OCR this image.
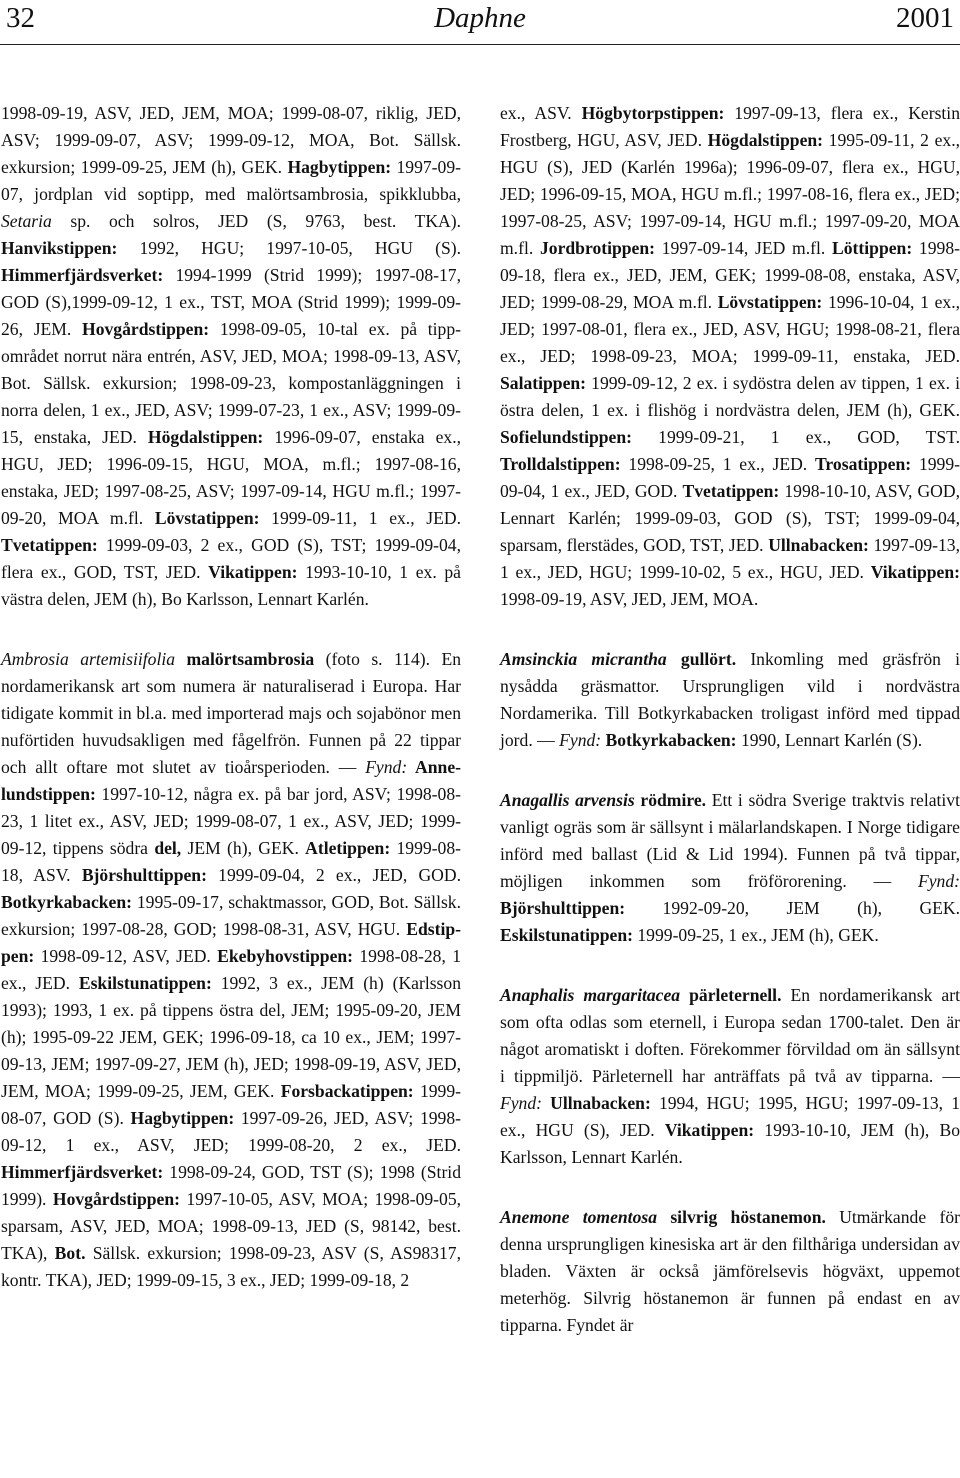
32	Daphne	2001

1998-09-19, ASV, JED, JEM, MOA; 1999-08-07, riklig, JED, ASV; 1999-09-07, ASV; 1999-09-12, MOA, Bot. Sällsk. exkursion; 1999-09-25, JEM (h), GEK. Hagbytippen: 1997-09-07, jordplan vid soptipp, med malörtsambrosia, spikklubba, Setaria sp. och solros, JED (S, 9763, best. TKA). Hanvikstippen: 1992, HGU; 1997-10-05, HGU (S). Himmerfjärdsverket: 1994-1999 (Strid 1999); 1997-08-17, GOD (S),1999-09-12, 1 ex., TST, MOA (Strid 1999); 1999-09-26, JEM. Hovgårdstippen: 1998-09-05, 10-tal ex. på tippområdet norrut nära entrén, ASV, JED, MOA; 1998-09-13, ASV, Bot. Sällsk. exkursion; 1998-09-23, kompostanläggningen i norra delen, 1 ex., JED, ASV; 1999-07-23, 1 ex., ASV; 1999-09-15, enstaka, JED. Högdalstippen: 1996-09-07, enstaka ex., HGU, JED; 1996-09-15, HGU, MOA, m.fl.; 1997-08-16, enstaka, JED; 1997-08-25, ASV; 1997-09-14, HGU m.fl.; 1997-09-20, MOA m.fl. Lövstatippen: 1999-09-11, 1 ex., JED. Tvetatippen: 1999-09-03, 2 ex., GOD (S), TST; 1999-09-04, flera ex., GOD, TST, JED. Vikatippen: 1993-10-10, 1 ex. på västra delen, JEM (h), Bo Karlsson, Lennart Karlén.

Ambrosia artemisiifolia malörtsambrosia (foto s. 114). En nordamerikansk art som numera är naturaliserad i Europa. Har tidigate kommit in bl.a. med importerad majs och sojabönor men nuförtiden huvudsakligen med fågelfrön. Funnen på 22 tippar och allt oftare mot slutet av tioårsperioden. — Fynd: Annelundstippen: 1997-10-12, några ex. på bar jord, ASV; 1998-08-23, 1 litet ex., ASV, JED; 1999-08-07, 1 ex., ASV, JED; 1999-09-12, tippens södra del, JEM (h), GEK. Atletippen: 1999-08-18, ASV. Björshulttippen: 1999-09-04, 2 ex., JED, GOD. Botkyrkabacken: 1995-09-17, schaktmassor, GOD, Bot. Sällsk. exkursion; 1997-08-28, GOD; 1998-08-31, ASV, HGU. Edstippen: 1998-09-12, ASV, JED. Ekebyhovstippen: 1998-08-28, 1 ex., JED. Eskilstunatippen: 1992, 3 ex., JEM (h) (Karlsson 1993); 1993, 1 ex. på tippens östra del, JEM; 1995-09-20, JEM (h); 1995-09-22 JEM, GEK; 1996-09-18, ca 10 ex., JEM; 1997-09-13, JEM; 1997-09-27, JEM (h), JED; 1998-09-19, ASV, JED, JEM, MOA; 1999-09-25, JEM, GEK. Forsbackatippen: 1999-08-07, GOD (S). Hagbytippen: 1997-09-26, JED, ASV; 1998-09-12, 1 ex., ASV, JED; 1999-08-20, 2 ex., JED. Himmerfjärdsverket: 1998-09-24, GOD, TST (S); 1998 (Strid 1999). Hovgårdstippen: 1997-10-05, ASV, MOA; 1998-09-05, sparsam, ASV, JED, MOA; 1998-09-13, JED (S, 98142, best. TKA), Bot. Sällsk. exkursion; 1998-09-23, ASV (S, AS98317, kontr. TKA), JED; 1999-09-15, 3 ex., JED; 1999-09-18, 2

ex., ASV. Högbytorpstippen: 1997-09-13, flera ex., Kerstin Frostberg, HGU, ASV, JED. Högdalstippen: 1995-09-11, 2 ex., HGU (S), JED (Karlén 1996a); 1996-09-07, flera ex., HGU, JED; 1996-09-15, MOA, HGU m.fl.; 1997-08-16, flera ex., JED; 1997-08-25, ASV; 1997-09-14, HGU m.fl.; 1997-09-20, MOA m.fl. Jordbrotippen: 1997-09-14, JED m.fl. Löttippen: 1998-09-18, flera ex., JED, JEM, GEK; 1999-08-08, enstaka, ASV, JED; 1999-08-29, MOA m.fl. Lövstatippen: 1996-10-04, 1 ex., JED; 1997-08-01, flera ex., JED, ASV, HGU; 1998-08-21, flera ex., JED; 1998-09-23, MOA; 1999-09-11, enstaka, JED. Salatippen: 1999-09-12, 2 ex. i sydöstra delen av tippen, 1 ex. i östra delen, 1 ex. i flishög i nordvästra delen, JEM (h), GEK. Sofielundstippen: 1999-09-21, 1 ex., GOD, TST. Trolldalstippen: 1998-09-25, 1 ex., JED. Trosatippen: 1999-09-04, 1 ex., JED, GOD. Tvetatippen: 1998-10-10, ASV, GOD, Lennart Karlén; 1999-09-03, GOD (S), TST; 1999-09-04, sparsam, flerstädes, GOD, TST, JED. Ullnabacken: 1997-09-13, 1 ex., JED, HGU; 1999-10-02, 5 ex., HGU, JED. Vikatippen: 1998-09-19, ASV, JED, JEM, MOA.

Amsinckia micrantha gullört. Inkomling med gräsfrön i nysådda gräsmattor. Ursprungligen vild i nordvästra Nordamerika. Till Botkyrkabacken troligast införd med tippad jord. — Fynd: Botkyrkabacken: 1990, Lennart Karlén (S).

Anagallis arvensis rödmire. Ett i södra Sverige traktvis relativt vanligt ogräs som är sällsynt i mälarlandskapen. I Norge tidigare införd med ballast (Lid & Lid 1994). Funnen på två tippar, möjligen inkommen som fröförorening. — Fynd: Björshulttippen: 1992-09-20, JEM (h), GEK. Eskilstunatippen: 1999-09-25, 1 ex., JEM (h), GEK.

Anaphalis margaritacea pärleternell. En nordamerikansk art som ofta odlas som eternell, i Europa sedan 1700-talet. Den är något aromatiskt i doften. Förekommer förvildad om än sällsynt i tippmiljö. Pärleternell har anträffats på två av tipparna. — Fynd: Ullnabacken: 1994, HGU; 1995, HGU; 1997-09-13, 1 ex., HGU (S), JED. Vikatippen: 1993-10-10, JEM (h), Bo Karlsson, Lennart Karlén.

Anemone tomentosa silvrig höstanemon. Utmärkande för denna ursprungligen kinesiska art är den filthåriga undersidan av bladen. Växten är också jämförelsevis högväxt, uppemot meterhög. Silvrig höstanemon är funnen på endast en av tipparna. Fyndet är
